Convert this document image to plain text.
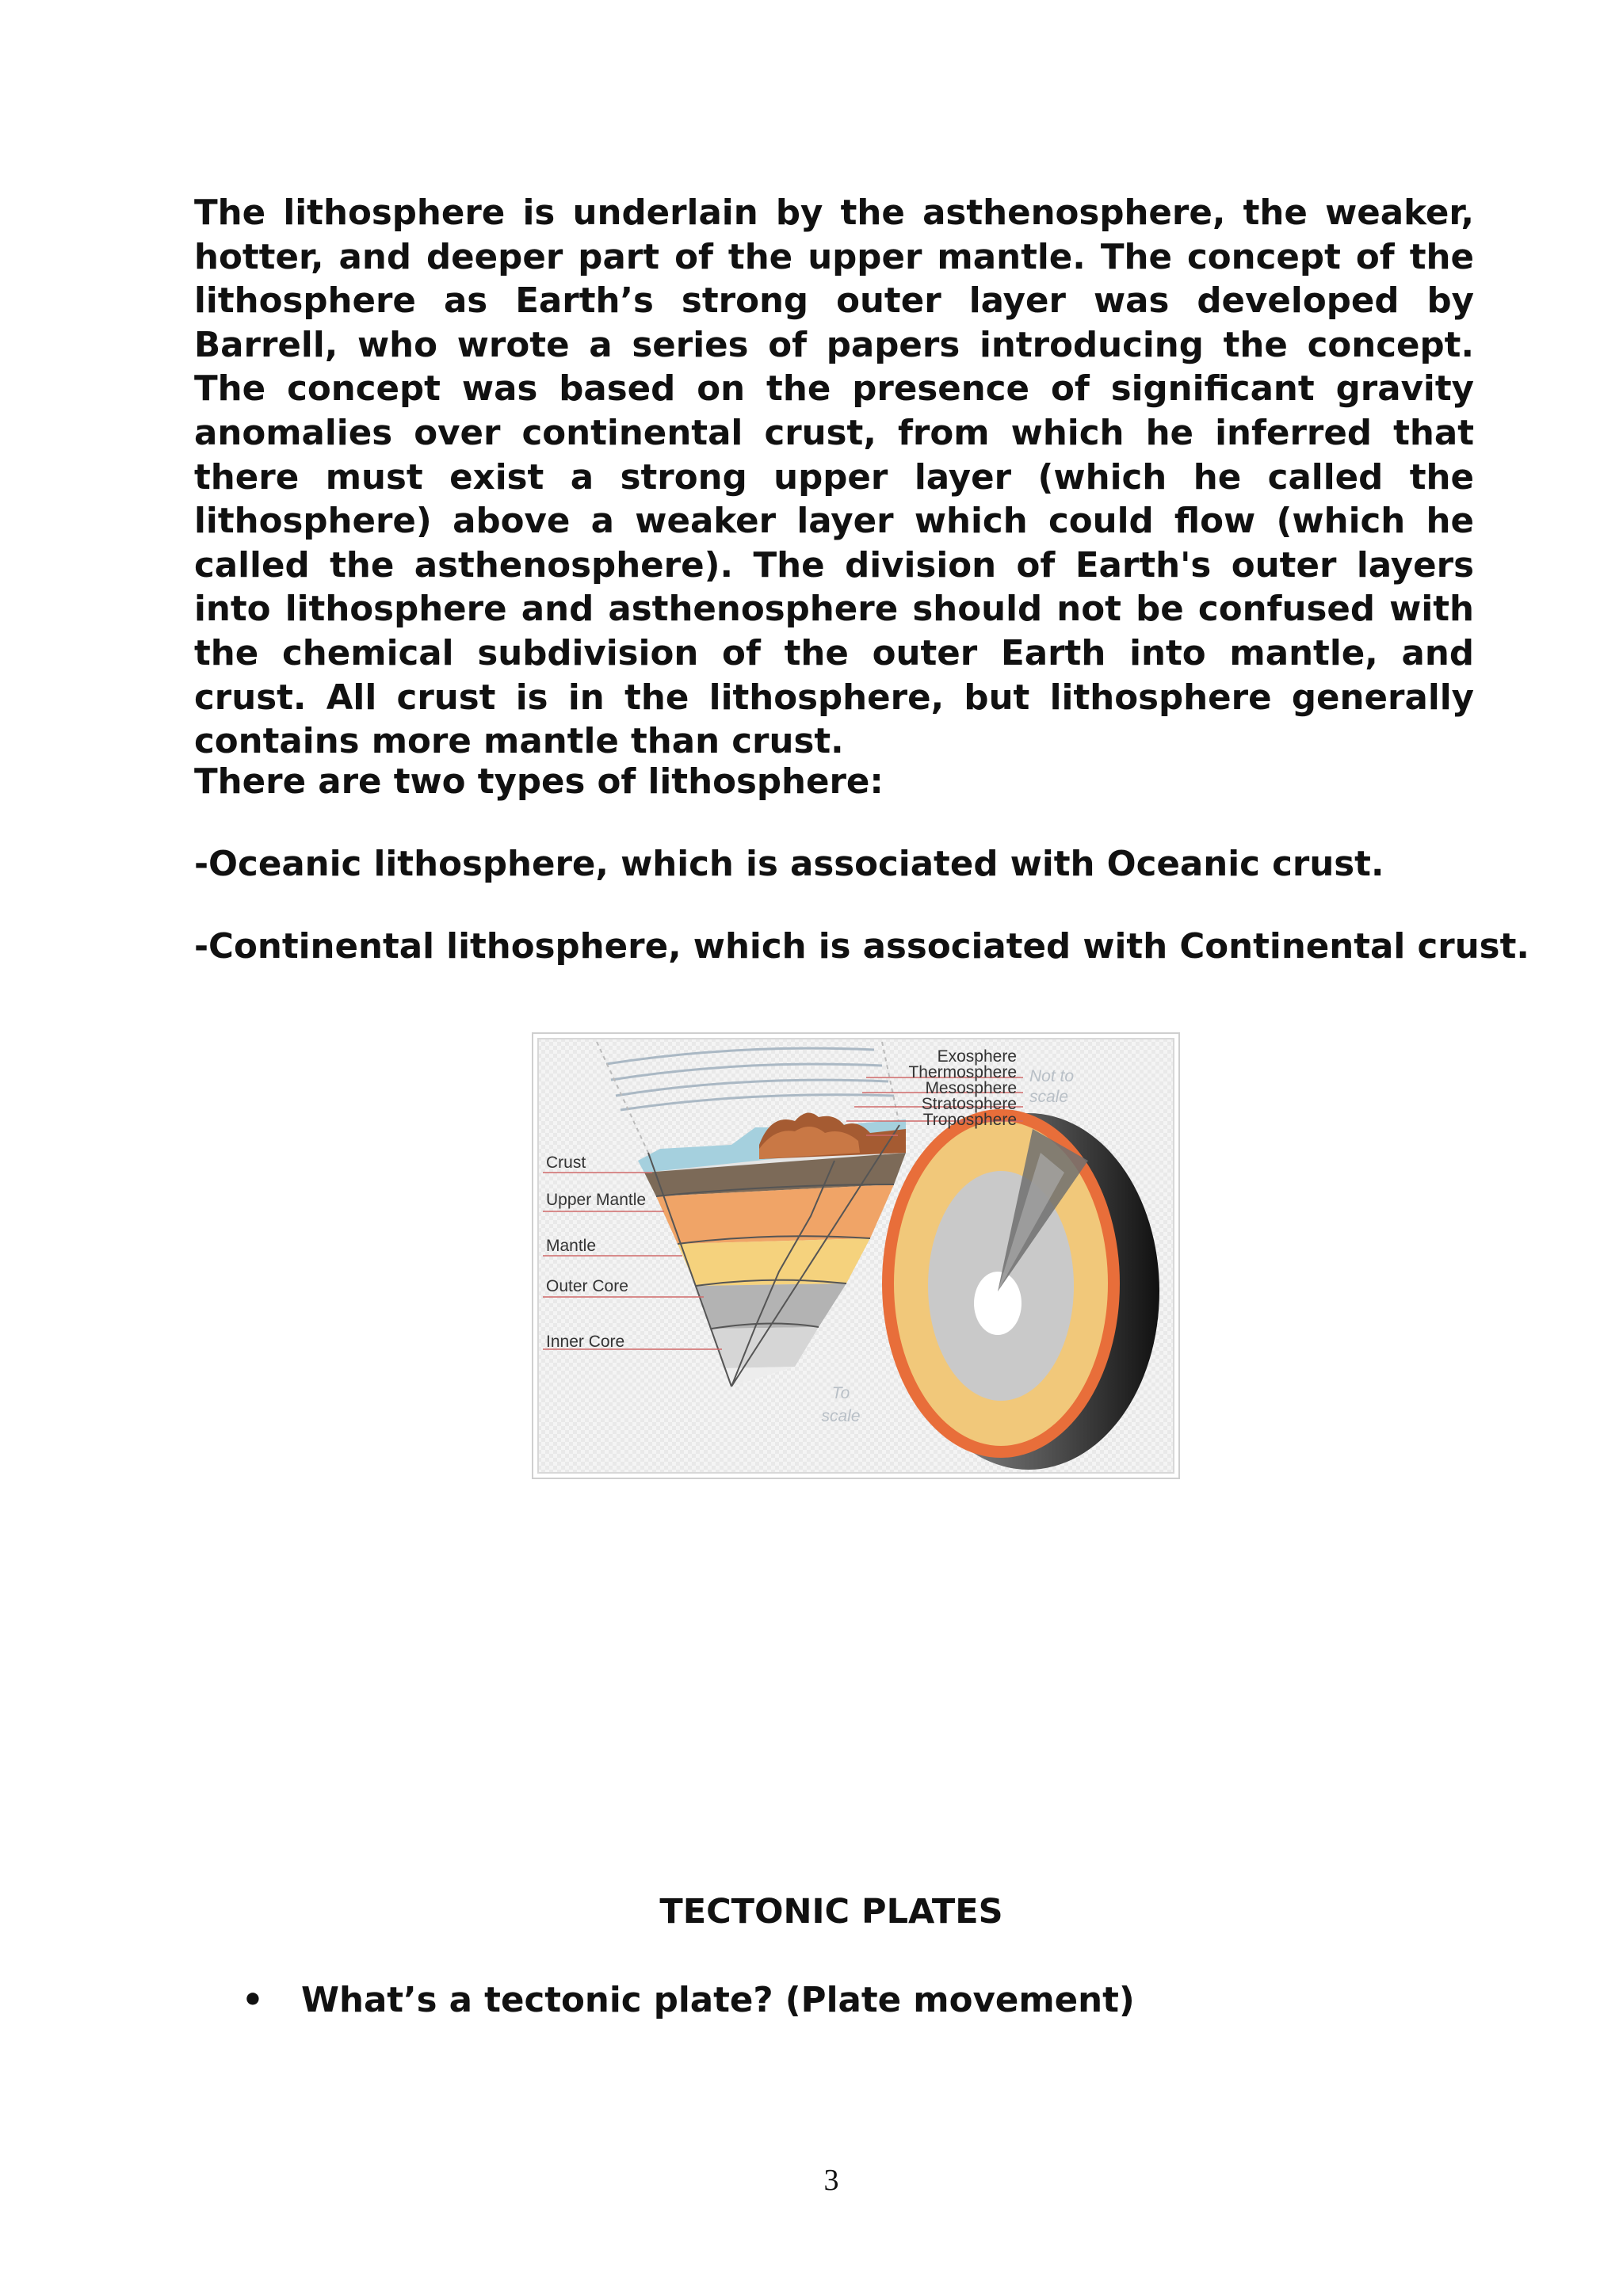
The lithosphere is underlain by the asthenosphere, the weaker, hotter, and deeper part of the upper mantle. The concept of the lithosphere as Earth’s strong outer layer was developed by Barrell, who wrote a series of papers introducing the concept. The concept was based on the presence of significant gravity anomalies over continental crust, from which he inferred that there must exist a strong upper layer (which he called the lithosphere) above a weaker layer which could flow (which he called the asthenosphere). The division of Earth's outer layers into lithosphere and asthenosphere should not be confused with the chemical subdivision of the outer Earth into mantle, and crust. All crust is in the lithosphere, but lithosphere generally contains more mantle than crust.

There are two types of lithosphere:

-Oceanic lithosphere, which is associated with Oceanic crust.

-Continental lithosphere, which is associated with Continental crust.

Exosphere
Thermosphere
Mesosphere
Stratosphere
Troposphere
Not to
scale
Crust
Upper Mantle
Mantle
Outer Core
Inner Core
To
scale
TECTONIC PLATES
• What’s a tectonic plate? (Plate movement)
3
